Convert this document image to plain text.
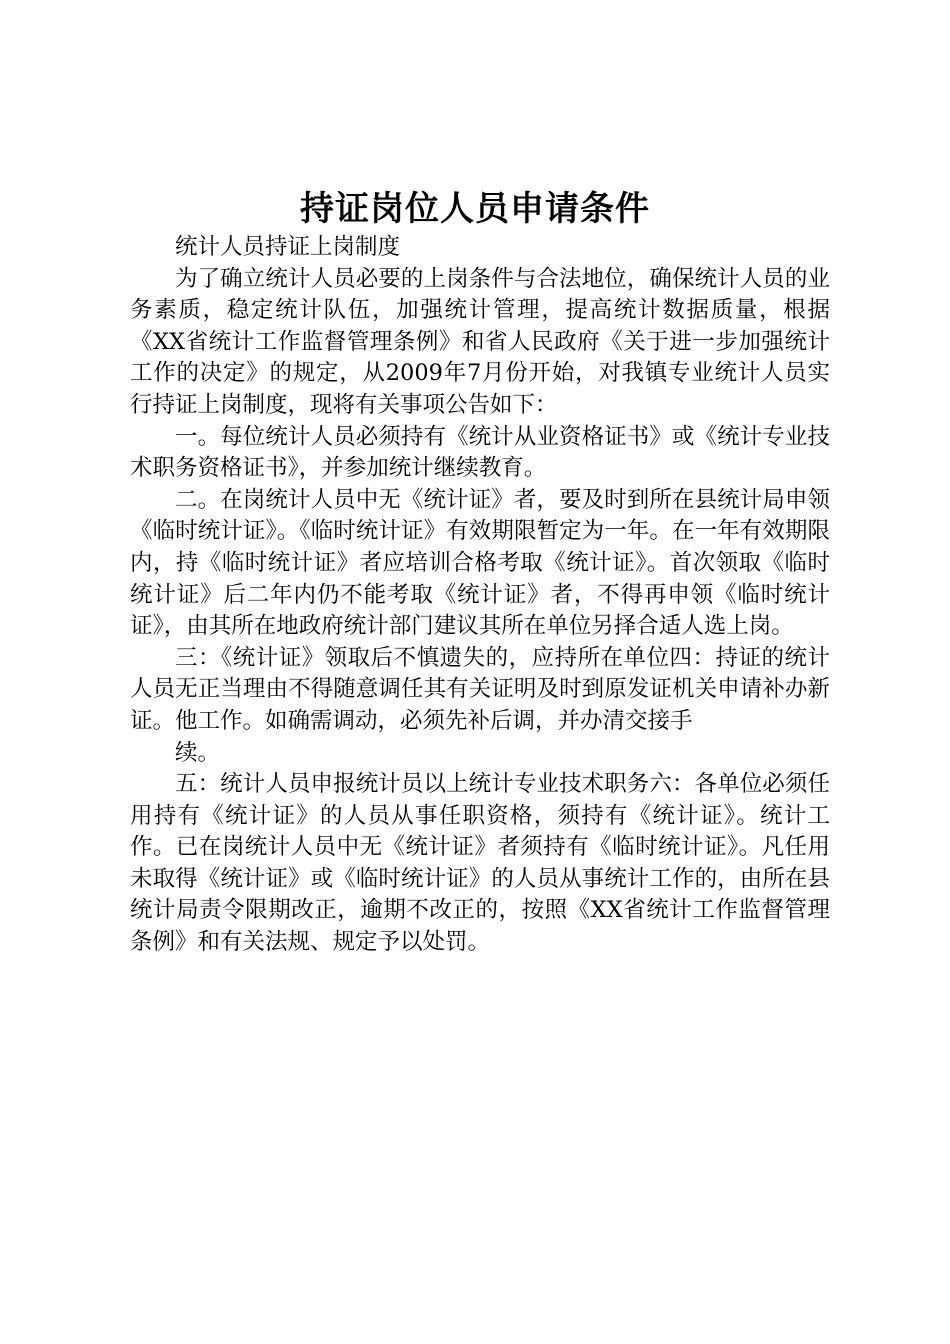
持证岗位人员申请条件

统计人员持证上岗制度

为了确立统计人员必要的上岗条件与合法地位，确保统计人员的业务素质，稳定统计队伍，加强统计管理，提高统计数据质量，根据《XX省统计工作监督管理条例》和省人民政府《关于进一步加强统计工作的决定》的规定，从2009年7月份开始，对我镇专业统计人员实行持证上岗制度，现将有关事项公告如下：

一。每位统计人员必须持有《统计从业资格证书》或《统计专业技术职务资格证书》，并参加统计继续教育。

二。在岗统计人员中无《统计证》者，要及时到所在县统计局申领《临时统计证》。《临时统计证》有效期限暂定为一年。在一年有效期限内，持《临时统计证》者应培训合格考取《统计证》。首次领取《临时统计证》后二年内仍不能考取《统计证》者，不得再申领《临时统计证》，由其所在地政府统计部门建议其所在单位另择合适人选上岗。

三：《统计证》领取后不慎遗失的，应持所在单位四：持证的统计人员无正当理由不得随意调任其有关证明及时到原发证机关申请补办新证。他工作。如确需调动，必须先补后调，并办清交接手

续。

五：统计人员申报统计员以上统计专业技术职务六：各单位必须任用持有《统计证》的人员从事任职资格，须持有《统计证》。统计工作。已在岗统计人员中无《统计证》者须持有《临时统计证》。凡任用未取得《统计证》或《临时统计证》的人员从事统计工作的，由所在县统计局责令限期改正，逾期不改正的，按照《XX省统计工作监督管理条例》和有关法规、规定予以处罚。
